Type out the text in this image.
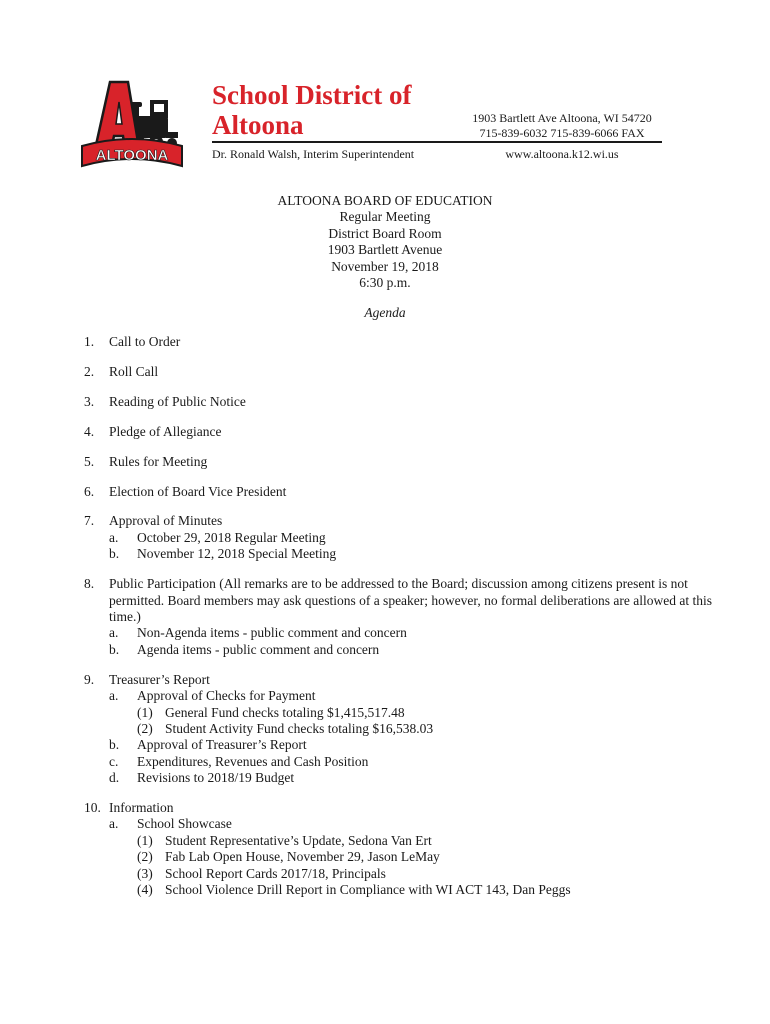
ALTOONA
School District of
Altoona	1903 Bartlett Ave Altoona, WI 54720
715-839-6032 715-839-6066 FAX
Dr. Ronald Walsh, Interim Superintendent	www.altoona.k12.wi.us
ALTOONA BOARD OF EDUCATION
Regular Meeting
District Board Room
1903 Bartlett Avenue
November 19, 2018
6:30 p.m.
Agenda
1.	Call to Order
2.	Roll Call
3.	Reading of Public Notice
4.	Pledge of Allegiance
5.	Rules for Meeting
6.	Election of Board Vice President
7.	Approval of Minutes
a.	October 29, 2018 Regular Meeting
b.	November 12, 2018 Special Meeting
8.	Public Participation (All remarks are to be addressed to the Board; discussion among citizens present is not permitted. Board members may ask questions of a speaker; however, no formal deliberations are allowed at this time.)
a.	Non-Agenda items - public comment and concern
b.	Agenda items - public comment and concern
9.	Treasurer’s Report
a.	Approval of Checks for Payment
(1) General Fund checks totaling $1,415,517.48
(2) Student Activity Fund checks totaling $16,538.03
b.	Approval of Treasurer’s Report
c.	Expenditures, Revenues and Cash Position
d.	Revisions to 2018/19 Budget
10. Information
a.	School Showcase
(1) Student Representative’s Update, Sedona Van Ert
(2) Fab Lab Open House, November 29, Jason LeMay
(3) School Report Cards 2017/18, Principals
(4) School Violence Drill Report in Compliance with WI ACT 143, Dan Peggs
